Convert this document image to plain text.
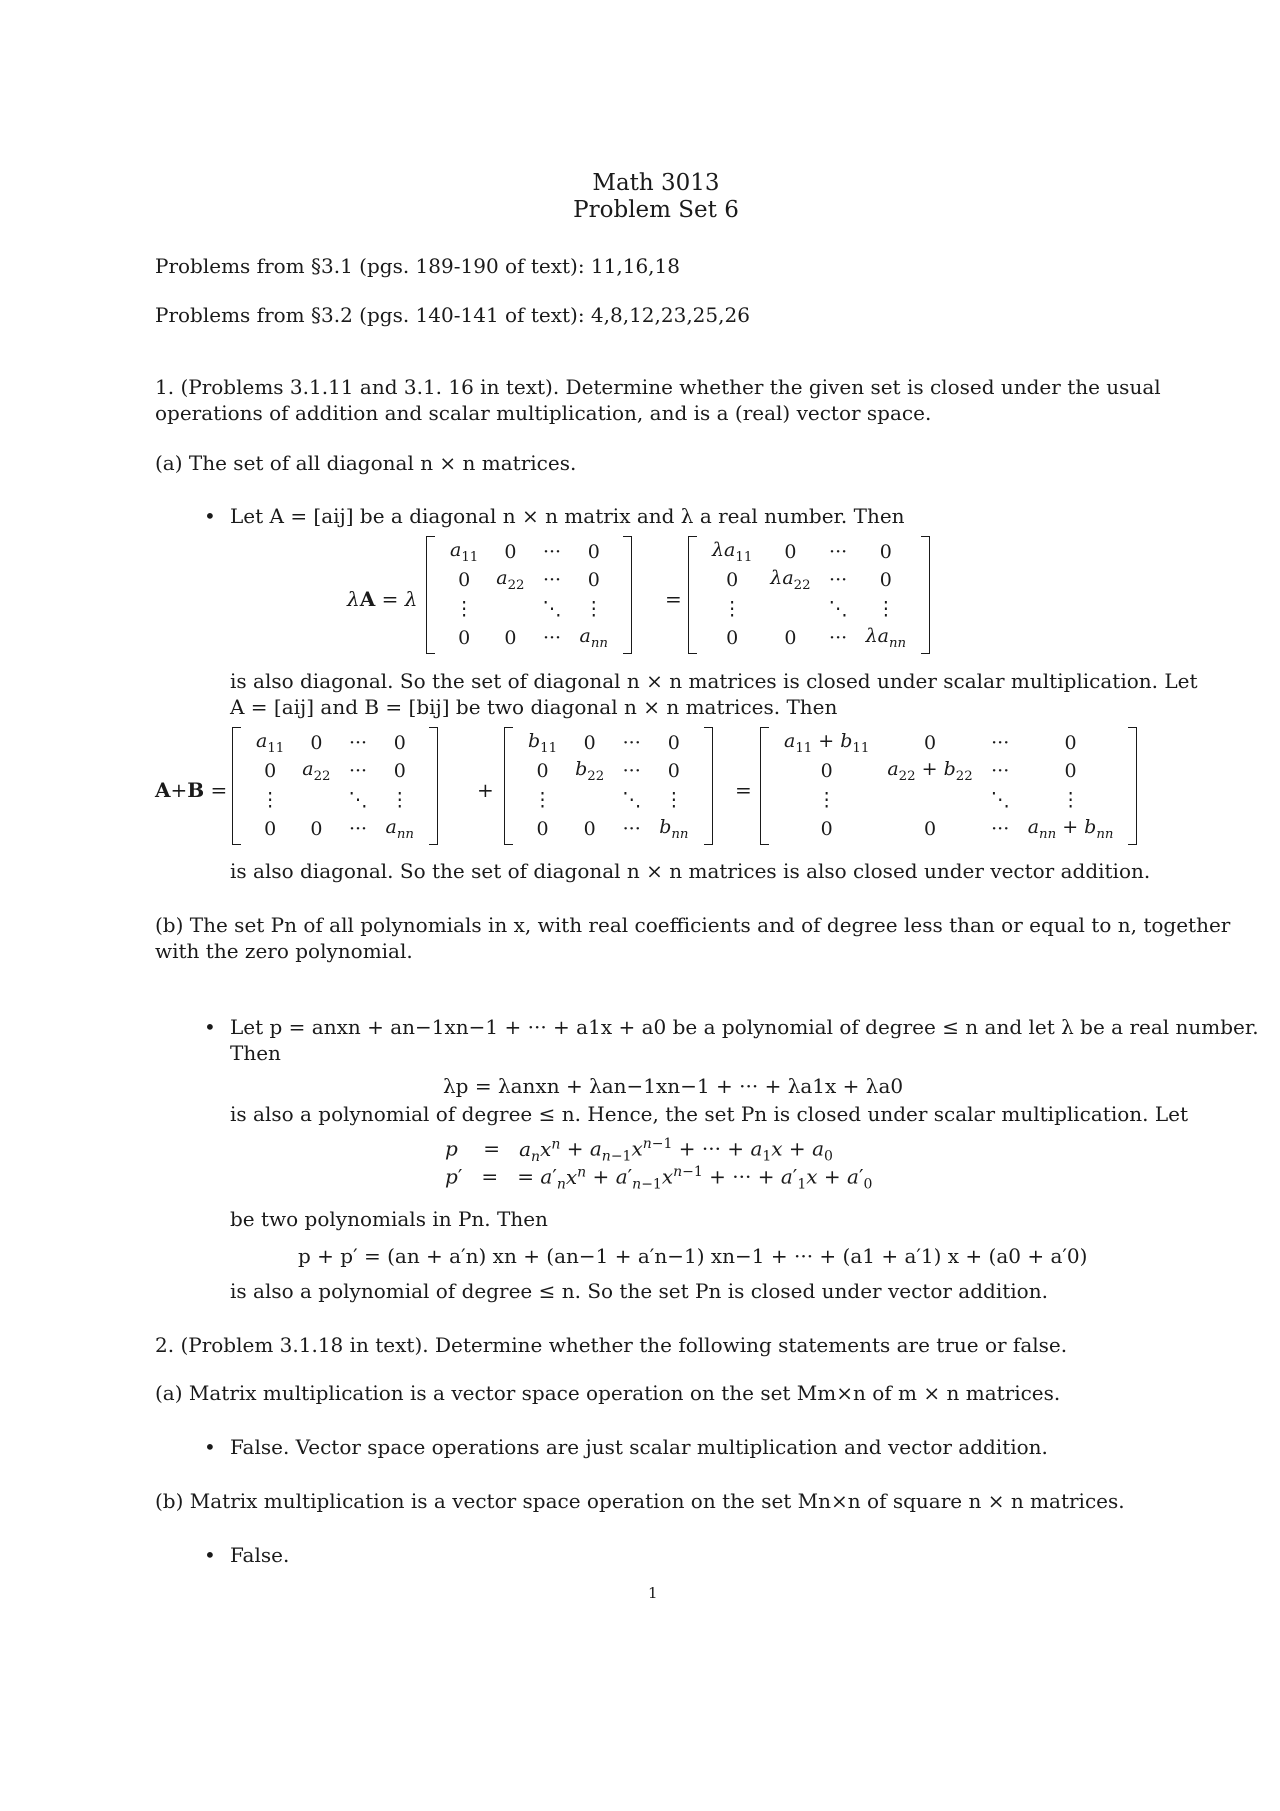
Math 3013
Problem Set 6
Problems from §3.1 (pgs. 189-190 of text): 11,16,18
Problems from §3.2 (pgs. 140-141 of text): 4,8,12,23,25,26
1. (Problems 3.1.11 and 3.1. 16 in text). Determine whether the given set is closed under the usual
operations of addition and scalar multiplication, and is a (real) vector space.
(a) The set of all diagonal n × n matrices.
• Let A = [aij] be a diagonal n × n matrix and λ a real number. Then
λA = λ
$a_{11}$	0	···	0
0	$a_{22}$	···	0
⋮		⋱	⋮
0	0	···	$a_{nn}$
=
$\lambda a_{11}$	0	···	0
0	$\lambda a_{22}$	···	0
⋮		⋱	⋮
0	0	···	$\lambda a_{nn}$
is also diagonal. So the set of diagonal n × n matrices is closed under scalar multiplication. Let
A = [aij] and B = [bij] be two diagonal n × n matrices. Then
A+B =
$a_{11}$	0	···	0
0	$a_{22}$	···	0
⋮		⋱	⋮
0	0	···	$a_{nn}$
+
$b_{11}$	0	···	0
0	$b_{22}$	···	0
⋮		⋱	⋮
0	0	···	$b_{nn}$
=
$a_{11} + b_{11}$	0	···	0
0	$a_{22} + b_{22}$	···	0
⋮		⋱	⋮
0	0	···	$a_{nn} + b_{nn}$
is also diagonal. So the set of diagonal n × n matrices is also closed under vector addition.
(b) The set Pn of all polynomials in x, with real coefficients and of degree less than or equal to n, together
with the zero polynomial.
• Let p = anxn + an−1xn−1 + ··· + a1x + a0 be a polynomial of degree ≤ n and let λ be a real number.
Then
λp = λanxn + λan−1xn−1 + ··· + λa1x + λa0
is also a polynomial of degree ≤ n. Hence, the set Pn is closed under scalar multiplication. Let
p    =   $a_nx^n + a_{n-1}x^{n-1}$ + ··· + $a_1x + a_0$
p′   =   = $a'_nx^n + a'_{n-1}x^{n-1}$ + ··· + $a'_1x + a'_0$
be two polynomials in Pn. Then
p + p′ = (an + a′n) xn + (an−1 + a′n−1) xn−1 + ··· + (a1 + a′1) x + (a0 + a′0)
is also a polynomial of degree ≤ n. So the set Pn is closed under vector addition.
2. (Problem 3.1.18 in text). Determine whether the following statements are true or false.
(a) Matrix multiplication is a vector space operation on the set Mm×n of m × n matrices.
• False. Vector space operations are just scalar multiplication and vector addition.
(b) Matrix multiplication is a vector space operation on the set Mn×n of square n × n matrices.
• False.
1
